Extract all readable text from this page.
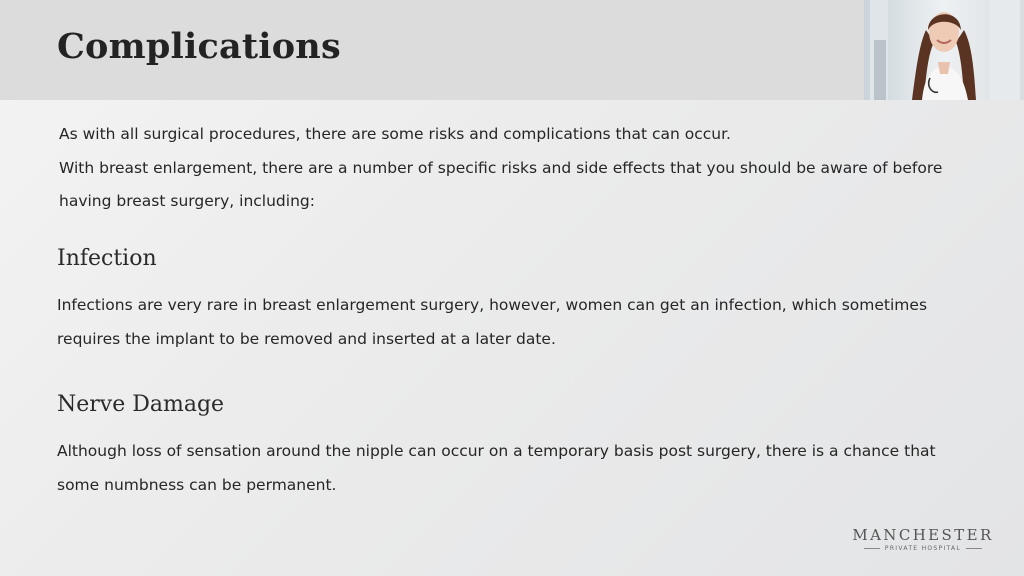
Complications

As with all surgical procedures, there are some risks and complications that can occur.

With breast enlargement, there are a number of specific risks and side effects that you should be aware of before having breast surgery, including:

Infection
Infections are very rare in breast enlargement surgery, however, women can get an infection, which sometimes requires the implant to be removed and inserted at a later date.
Nerve Damage
Although loss of sensation around the nipple can occur on a temporary basis post surgery, there is a chance that some numbness can be permanent.
MANCHESTER
PRIVATE HOSPITAL
